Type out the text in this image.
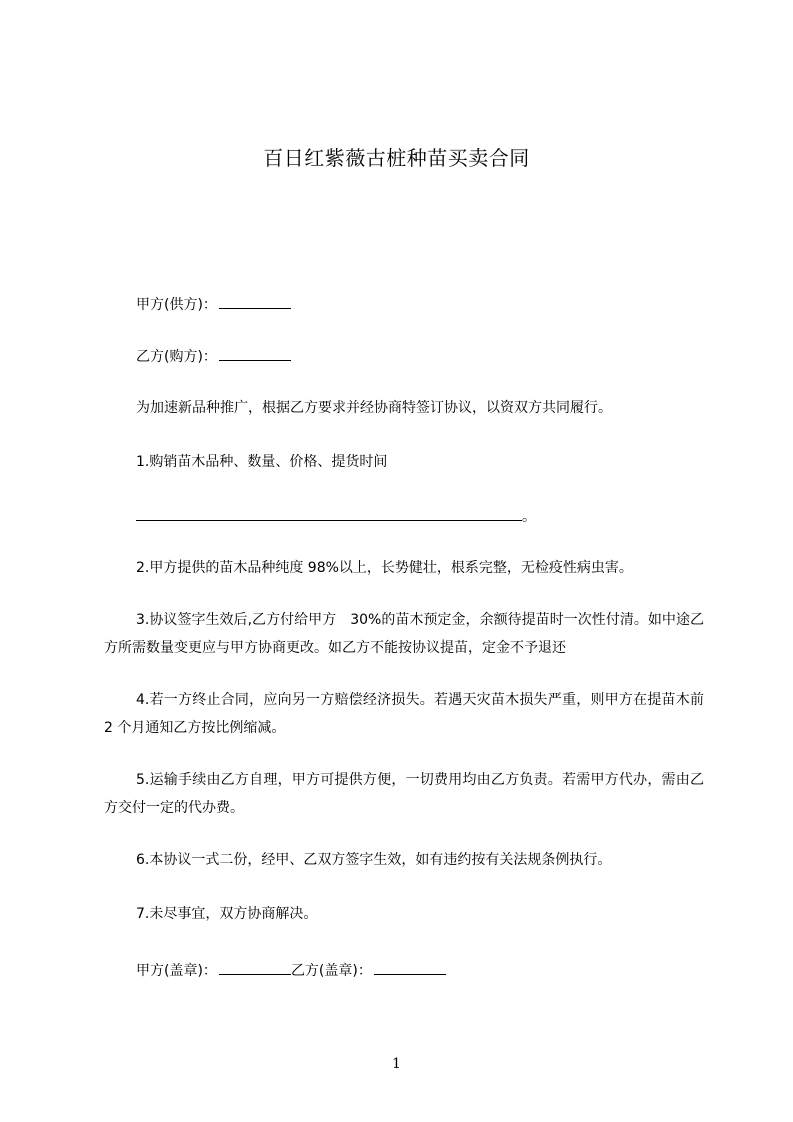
百日红紫薇古桩种苗买卖合同
甲方(供方)：
乙方(购方)：
为加速新品种推广，根据乙方要求并经协商特签订协议，以资双方共同履行。
1.购销苗木品种、数量、价格、提货时间
。
2.甲方提供的苗木品种纯度 98%以上，长势健壮，根系完整，无检疫性病虫害。
3.协议签字生效后,乙方付给甲方　30%的苗木预定金，余额待提苗时一次性付清。如中途乙方所需数量变更应与甲方协商更改。如乙方不能按协议提苗，定金不予退还
4.若一方终止合同，应向另一方赔偿经济损失。若遇天灾苗木损失严重，则甲方在提苗木前 2 个月通知乙方按比例缩减。
5.运输手续由乙方自理，甲方可提供方便，一切费用均由乙方负责。若需甲方代办，需由乙方交付一定的代办费。
6.本协议一式二份，经甲、乙双方签字生效，如有违约按有关法规条例执行。
7.未尽事宜，双方协商解决。
甲方(盖章)：	乙方(盖章)：
1
